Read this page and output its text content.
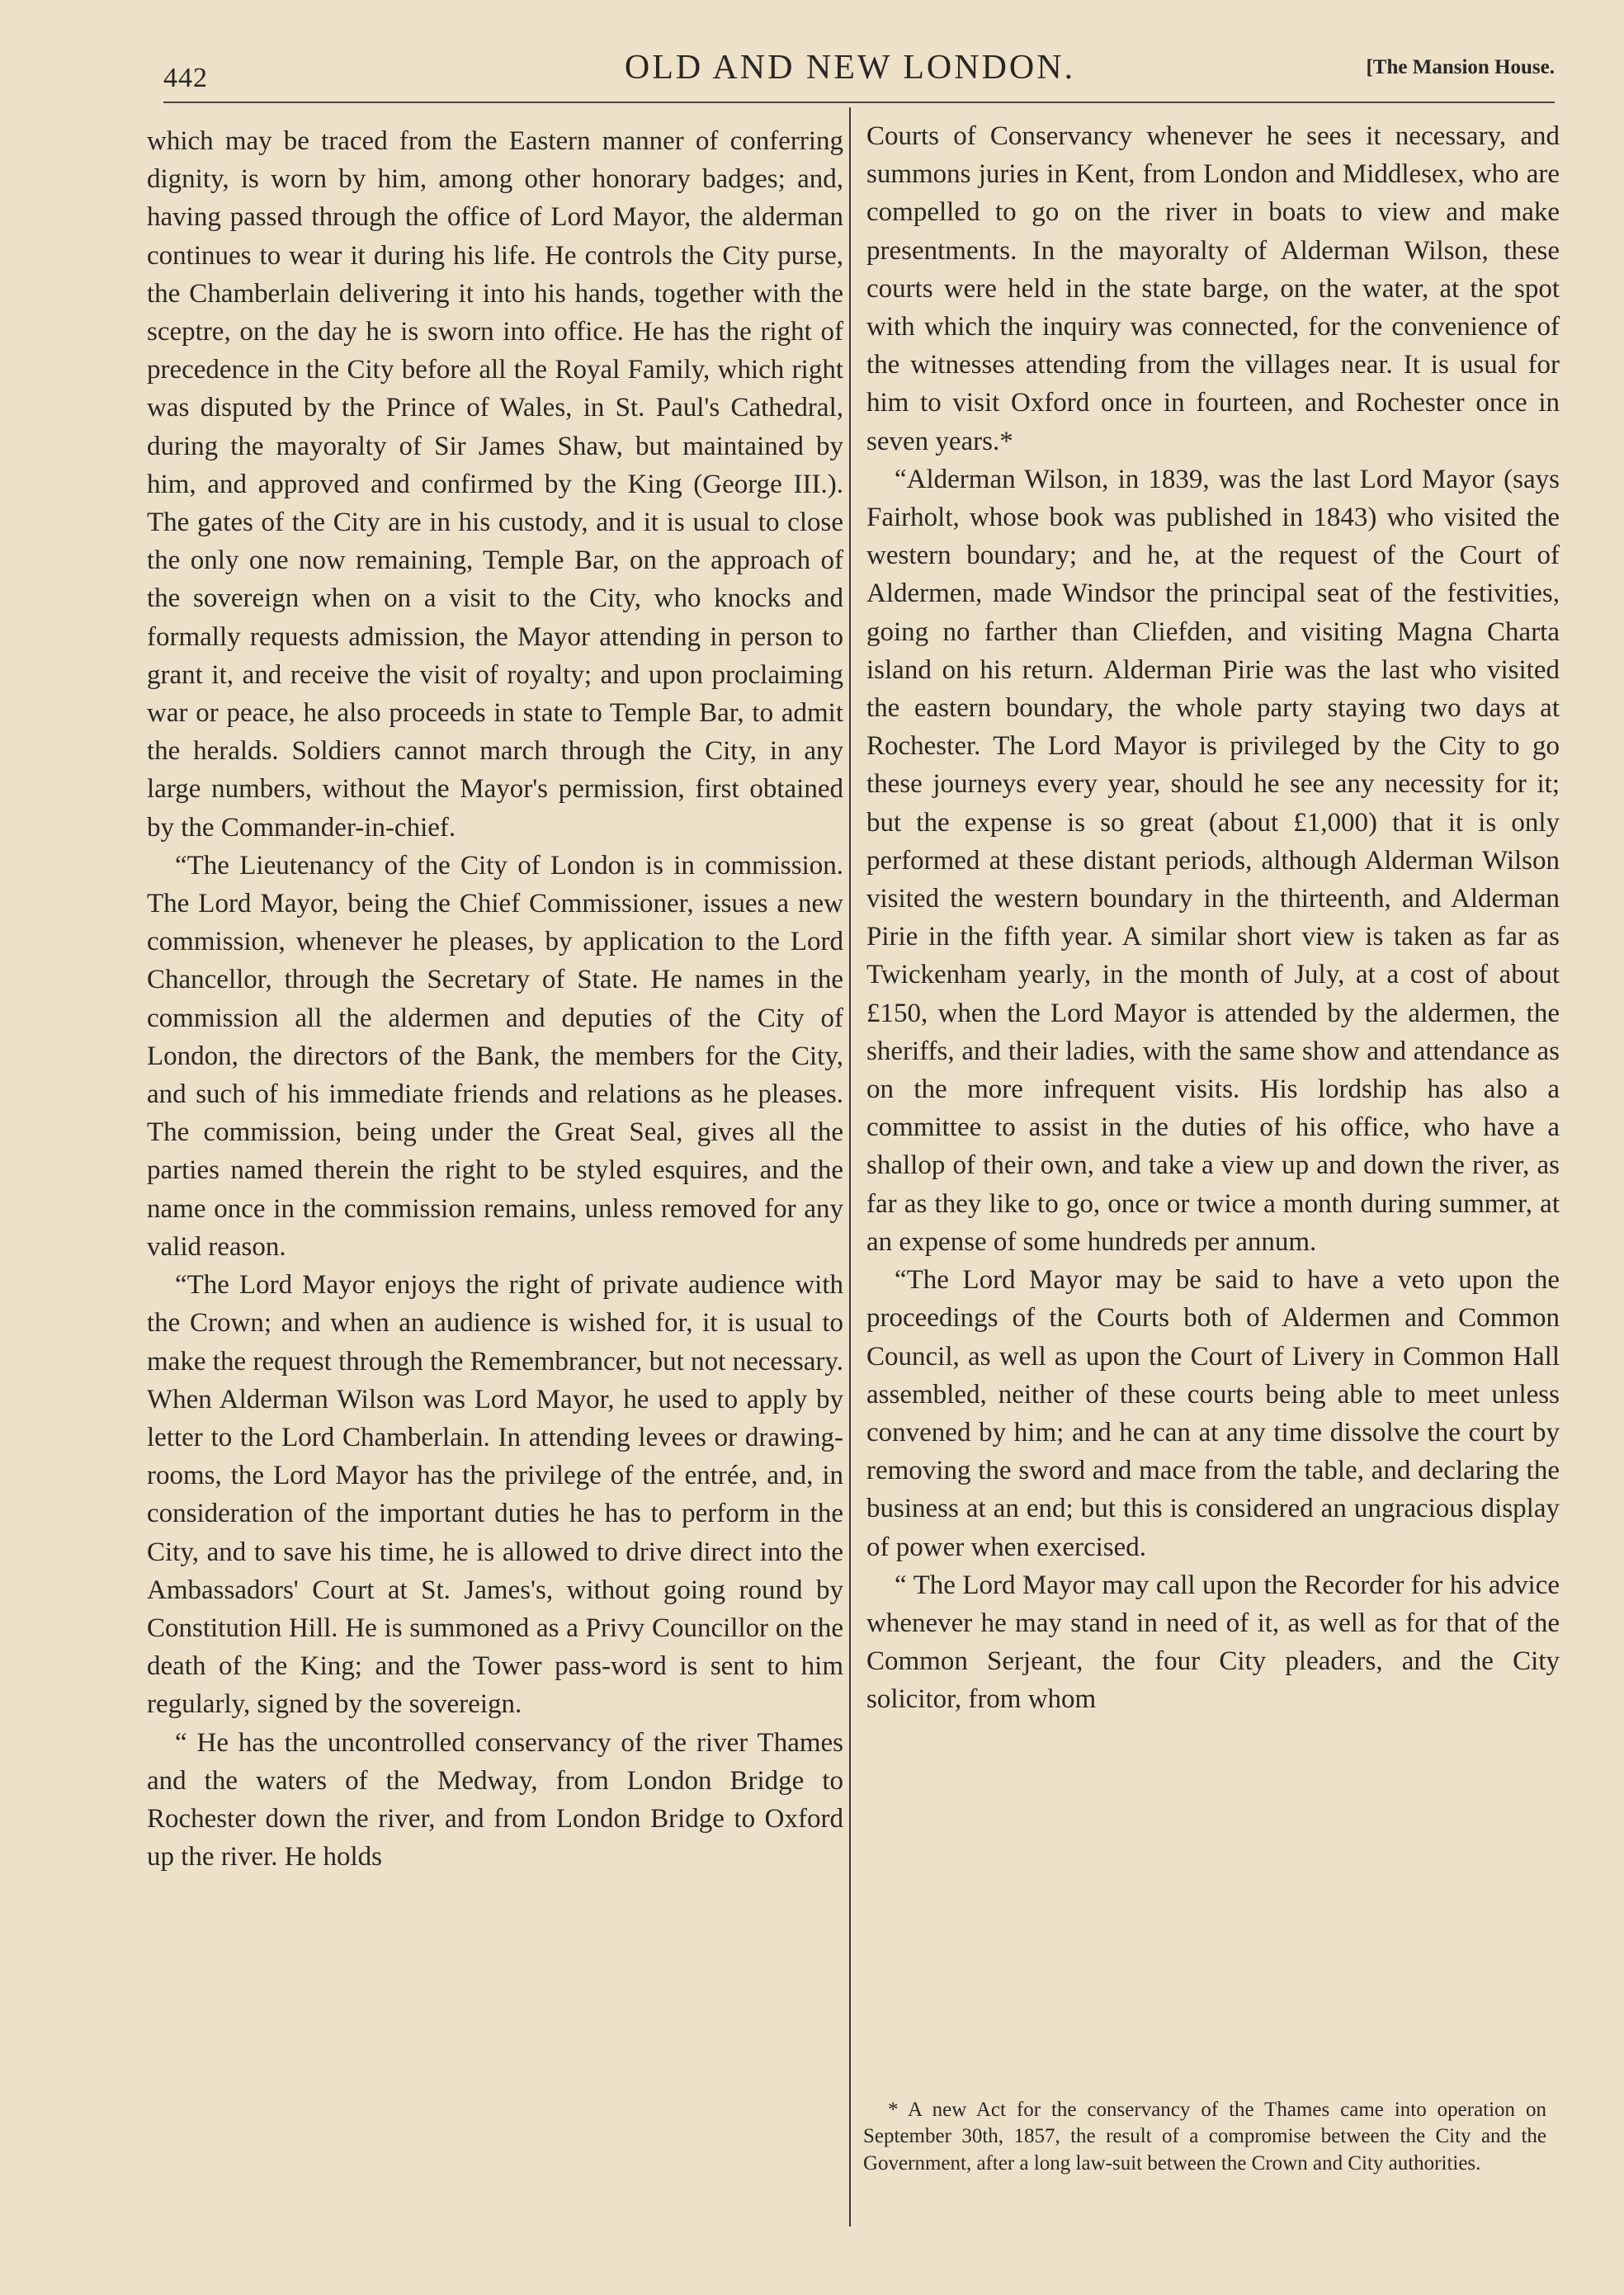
442	OLD AND NEW LONDON.	[The Mansion House.

which may be traced from the Eastern manner of conferring dignity, is worn by him, among other honorary badges; and, having passed through the office of Lord Mayor, the alderman continues to wear it during his life. He controls the City purse, the Chamberlain delivering it into his hands, together with the sceptre, on the day he is sworn into office. He has the right of precedence in the City before all the Royal Family, which right was disputed by the Prince of Wales, in St. Paul's Cathedral, during the mayoralty of Sir James Shaw, but maintained by him, and approved and confirmed by the King (George III.). The gates of the City are in his custody, and it is usual to close the only one now remaining, Temple Bar, on the approach of the sovereign when on a visit to the City, who knocks and formally requests admission, the Mayor attending in person to grant it, and receive the visit of royalty; and upon proclaiming war or peace, he also proceeds in state to Temple Bar, to admit the heralds. Soldiers cannot march through the City, in any large numbers, without the Mayor's permission, first obtained by the Commander-in-chief.

“The Lieutenancy of the City of London is in commission. The Lord Mayor, being the Chief Commissioner, issues a new commission, whenever he pleases, by application to the Lord Chancellor, through the Secretary of State. He names in the commission all the aldermen and deputies of the City of London, the directors of the Bank, the members for the City, and such of his immediate friends and relations as he pleases. The commission, being under the Great Seal, gives all the parties named therein the right to be styled esquires, and the name once in the commission remains, unless removed for any valid reason.

“The Lord Mayor enjoys the right of private audience with the Crown; and when an audience is wished for, it is usual to make the request through the Remembrancer, but not necessary. When Alderman Wilson was Lord Mayor, he used to apply by letter to the Lord Chamberlain. In attending levees or drawing-rooms, the Lord Mayor has the privilege of the entrée, and, in consideration of the important duties he has to perform in the City, and to save his time, he is allowed to drive direct into the Ambassadors' Court at St. James's, without going round by Constitution Hill. He is summoned as a Privy Councillor on the death of the King; and the Tower pass-word is sent to him regularly, signed by the sovereign.

“ He has the uncontrolled conservancy of the river Thames and the waters of the Medway, from London Bridge to Rochester down the river, and from London Bridge to Oxford up the river. He holds

Courts of Conservancy whenever he sees it necessary, and summons juries in Kent, from London and Middlesex, who are compelled to go on the river in boats to view and make presentments. In the mayoralty of Alderman Wilson, these courts were held in the state barge, on the water, at the spot with which the inquiry was connected, for the convenience of the witnesses attending from the villages near. It is usual for him to visit Oxford once in fourteen, and Rochester once in seven years.*

“Alderman Wilson, in 1839, was the last Lord Mayor (says Fairholt, whose book was published in 1843) who visited the western boundary; and he, at the request of the Court of Aldermen, made Windsor the principal seat of the festivities, going no farther than Cliefden, and visiting Magna Charta island on his return. Alderman Pirie was the last who visited the eastern boundary, the whole party staying two days at Rochester. The Lord Mayor is privileged by the City to go these journeys every year, should he see any necessity for it; but the expense is so great (about £1,000) that it is only performed at these distant periods, although Alderman Wilson visited the western boundary in the thirteenth, and Alderman Pirie in the fifth year. A similar short view is taken as far as Twickenham yearly, in the month of July, at a cost of about £150, when the Lord Mayor is attended by the aldermen, the sheriffs, and their ladies, with the same show and attendance as on the more infrequent visits. His lordship has also a committee to assist in the duties of his office, who have a shallop of their own, and take a view up and down the river, as far as they like to go, once or twice a month during summer, at an expense of some hundreds per annum.

“The Lord Mayor may be said to have a veto upon the proceedings of the Courts both of Aldermen and Common Council, as well as upon the Court of Livery in Common Hall assembled, neither of these courts being able to meet unless convened by him; and he can at any time dissolve the court by removing the sword and mace from the table, and declaring the business at an end; but this is considered an ungracious display of power when exercised.

“ The Lord Mayor may call upon the Recorder for his advice whenever he may stand in need of it, as well as for that of the Common Serjeant, the four City pleaders, and the City solicitor, from whom

* A new Act for the conservancy of the Thames came into operation on September 30th, 1857, the result of a compromise between the City and the Government, after a long law-suit between the Crown and City authorities.
